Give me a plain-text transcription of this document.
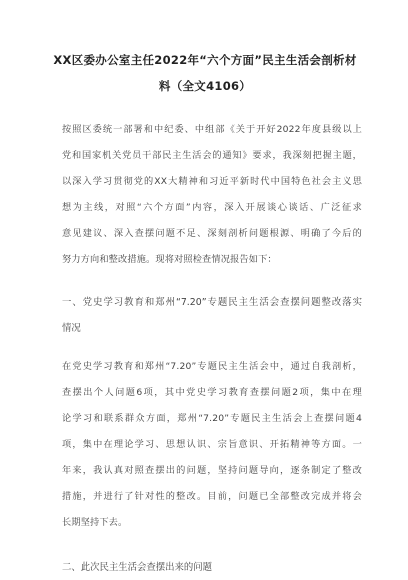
XX区委办公室主任2022年“六个方面”民主生活会剖析材
料（全文4106）
按照区委统一部署和中纪委、中组部《关于开好2022年度县级以上
党和国家机关党员干部民主生活会的通知》要求，我深刻把握主题，
以深入学习贯彻党的XX大精神和习近平新时代中国特色社会主义思
想为主线，对照“六个方面”内容，深入开展谈心谈话、广泛征求
意见建议、深入查摆问题不足、深刻剖析问题根源、明确了今后的
努力方向和整改措施。现将对照检查情况报告如下：
一、党史学习教育和郑州“7.20”专题民主生活会查摆问题整改落实
情况
在党史学习教育和郑州“7.20”专题民主生活会中，通过自我剖析，
查摆出个人问题6项，其中党史学习教育查摆问题2项，集中在理
论学习和联系群众方面，郑州“7.20”专题民主生活会上查摆问题4
项，集中在理论学习、思想认识、宗旨意识、开拓精神等方面。一
年来，我认真对照查摆出的问题，坚持问题导向，逐条制定了整改
措施，并进行了针对性的整改。目前，问题已全部整改完成并将会
长期坚持下去。
二、此次民主生活会查摆出来的问题
